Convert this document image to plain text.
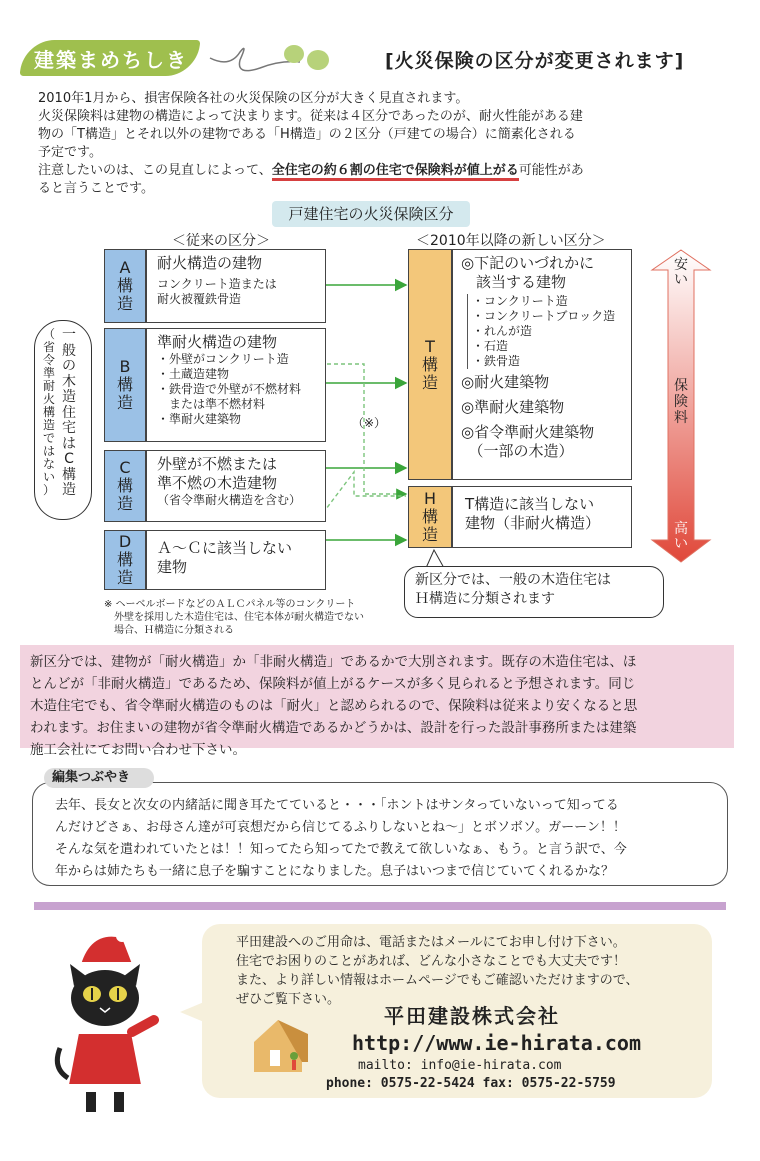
建築まめちしき	[火災保険の区分が変更されます]
2010年1月から、損害保険各社の火災保険の区分が大きく見直されます。
火災保険料は建物の構造によって決まります。従来は４区分であったのが、耐火性能がある建
物の「T構造」とそれ以外の建物である「H構造」の２区分（戸建ての場合）に簡素化される
予定です。
注意したいのは、この見直しによって、全住宅の約６割の住宅で保険料が値上がる可能性があ
ると言うことです。
戸建住宅の火災保険区分
＜従来の区分＞	＜2010年以降の新しい区分＞
一
般
の
木
造
住
宅
は
C
構
造
（
省
令
準
耐
火
構
造
で
は
な
い
）
A
構
造
耐火構造の建物
コンクリート造または
耐火被覆鉄骨造
B
構
造
準耐火構造の建物
・外壁がコンクリート造
・土蔵造建物
・鉄骨造で外壁が不燃材料
　または準不燃材料
・準耐火建築物
C
構
造
外壁が不燃または
準不燃の木造建物
（省令準耐火構造を含む）
D
構
造
Ａ～Ｃに該当しない
建物
T
構
造
◎下記のいづれかに
　該当する建物
・コンクリート造
・コンクリートブロック造
・れんが造
・石造
・鉄骨造
◎耐火建築物
◎準耐火建築物
◎省令準耐火建築物
　（一部の木造）
H
構
造
T構造に該当しない
建物（非耐火構造）
（※）
安
い
保
険
料
高
い
新区分では、一般の木造住宅は
Ｈ構造に分類されます
※ ヘーベルボードなどのＡＬＣパネル等のコンクリート
　外壁を採用した木造住宅は、住宅本体が耐火構造でない
　場合、Ｈ構造に分類される
新区分では、建物が「耐火構造」か「非耐火構造」であるかで大別されます。既存の木造住宅は、ほ
とんどが「非耐火構造」であるため、保険料が値上がるケースが多く見られると予想されます。同じ
木造住宅でも、省令準耐火構造のものは「耐火」と認められるので、保険料は従来より安くなると思
われます。お住まいの建物が省令準耐火構造であるかどうかは、設計を行った設計事務所または建築
施工会社にてお問い合わせ下さい。
去年、長女と次女の内緒話に聞き耳たてていると・・・「ホントはサンタっていないって知ってる
んだけどさぁ、お母さん達が可哀想だから信じてるふりしないとね～」とボソボソ。ガーーン！！
そんな気を遣われていたとは！！知ってたら知ってたで教えて欲しいなぁ、もう。と言う訳で、今
年からは姉たちも一緒に息子を騙すことになりました。息子はいつまで信じていてくれるかな？
編集つぶやき
平田建設へのご用命は、電話またはメールにてお申し付け下さい。
住宅でお困りのことがあれば、どんな小さなことでも大丈夫です！
また、より詳しい情報はホームページでもご確認いただけますので、
ぜひご覧下さい。
平田建設株式会社
http://www.ie-hirata.com
mailto: info@ie-hirata.com
phone: 0575-22-5424 fax: 0575-22-5759
